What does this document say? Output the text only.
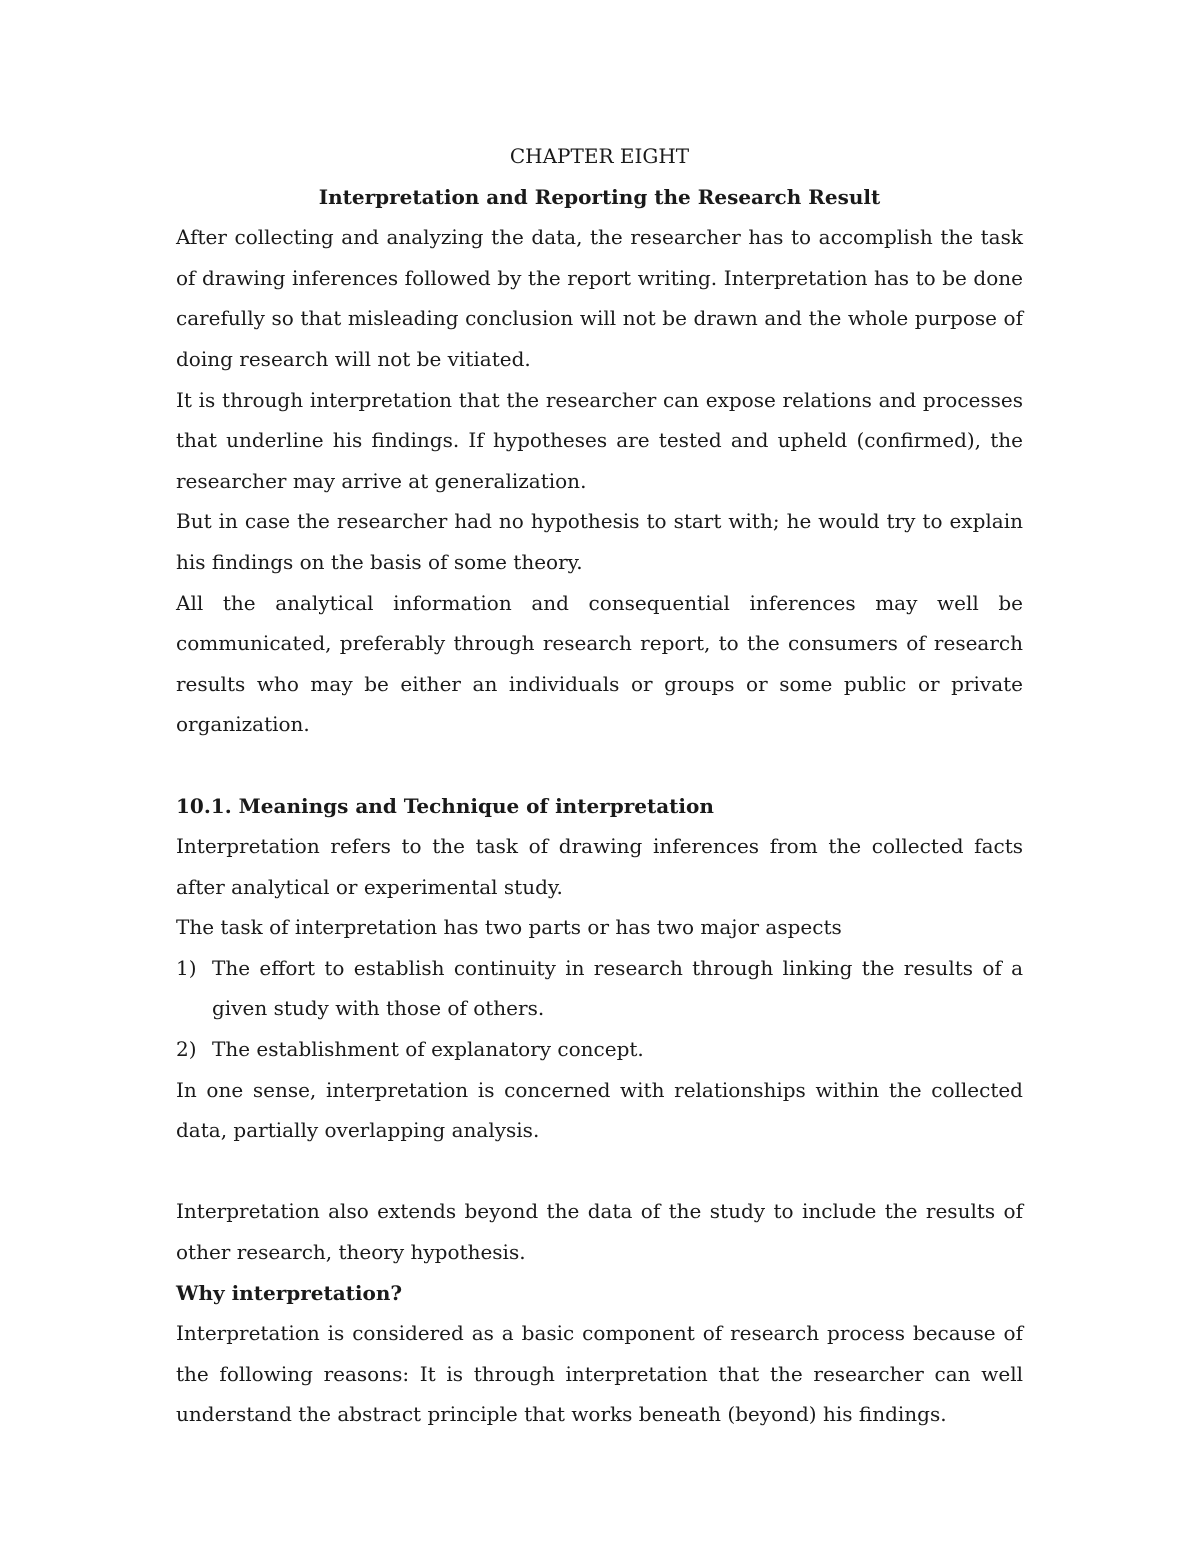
CHAPTER EIGHT

Interpretation and Reporting the Research Result

After collecting and analyzing the data, the researcher has to accomplish the task of drawing inferences followed by the report writing. Interpretation has to be done carefully so that misleading conclusion will not be drawn and the whole purpose of doing research will not be vitiated.

It is through interpretation that the researcher can expose relations and processes that underline his findings. If hypotheses are tested and upheld (confirmed), the researcher may arrive at generalization.

But in case the researcher had no hypothesis to start with; he would try to explain his findings on the basis of some theory.

All the analytical information and consequential inferences may well be communicated, preferably through research report, to the consumers of research results who may be either an individuals or groups or some public or private organization.

10.1. Meanings and Technique of interpretation

Interpretation refers to the task of drawing inferences from the collected facts after analytical or experimental study.

The task of interpretation has two parts or has two major aspects

1) The effort to establish continuity in research through linking the results of a given study with those of others.
2) The establishment of explanatory concept.

In one sense, interpretation is concerned with relationships within the collected data, partially overlapping analysis.

Interpretation also extends beyond the data of the study to include the results of other research, theory hypothesis.

Why interpretation?

Interpretation is considered as a basic component of research process because of the following reasons: It is through interpretation that the researcher can well understand the abstract principle that works beneath (beyond) his findings.
